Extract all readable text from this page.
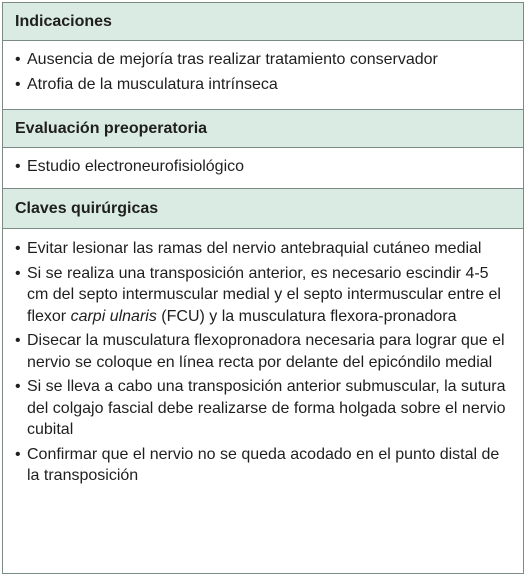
Indicaciones
• Ausencia de mejoría tras realizar tratamiento conservador
• Atrofia de la musculatura intrínseca
Evaluación preoperatoria
• Estudio electroneurofisiológico
Claves quirúrgicas
• Evitar lesionar las ramas del nervio antebraquial cutáneo medial
• Si se realiza una transposición anterior, es necesario escindir 4-5 cm del septo intermuscular medial y el septo intermuscular entre el flexor carpi ulnaris (FCU) y la musculatura flexora-pronadora
• Disecar la musculatura flexopronadora necesaria para lograr que el nervio se coloque en línea recta por delante del epicóndilo medial
• Si se lleva a cabo una transposición anterior submuscular, la sutura del colgajo fascial debe realizarse de forma holgada sobre el nervio cubital
• Confirmar que el nervio no se queda acodado en el punto distal de la transposición
